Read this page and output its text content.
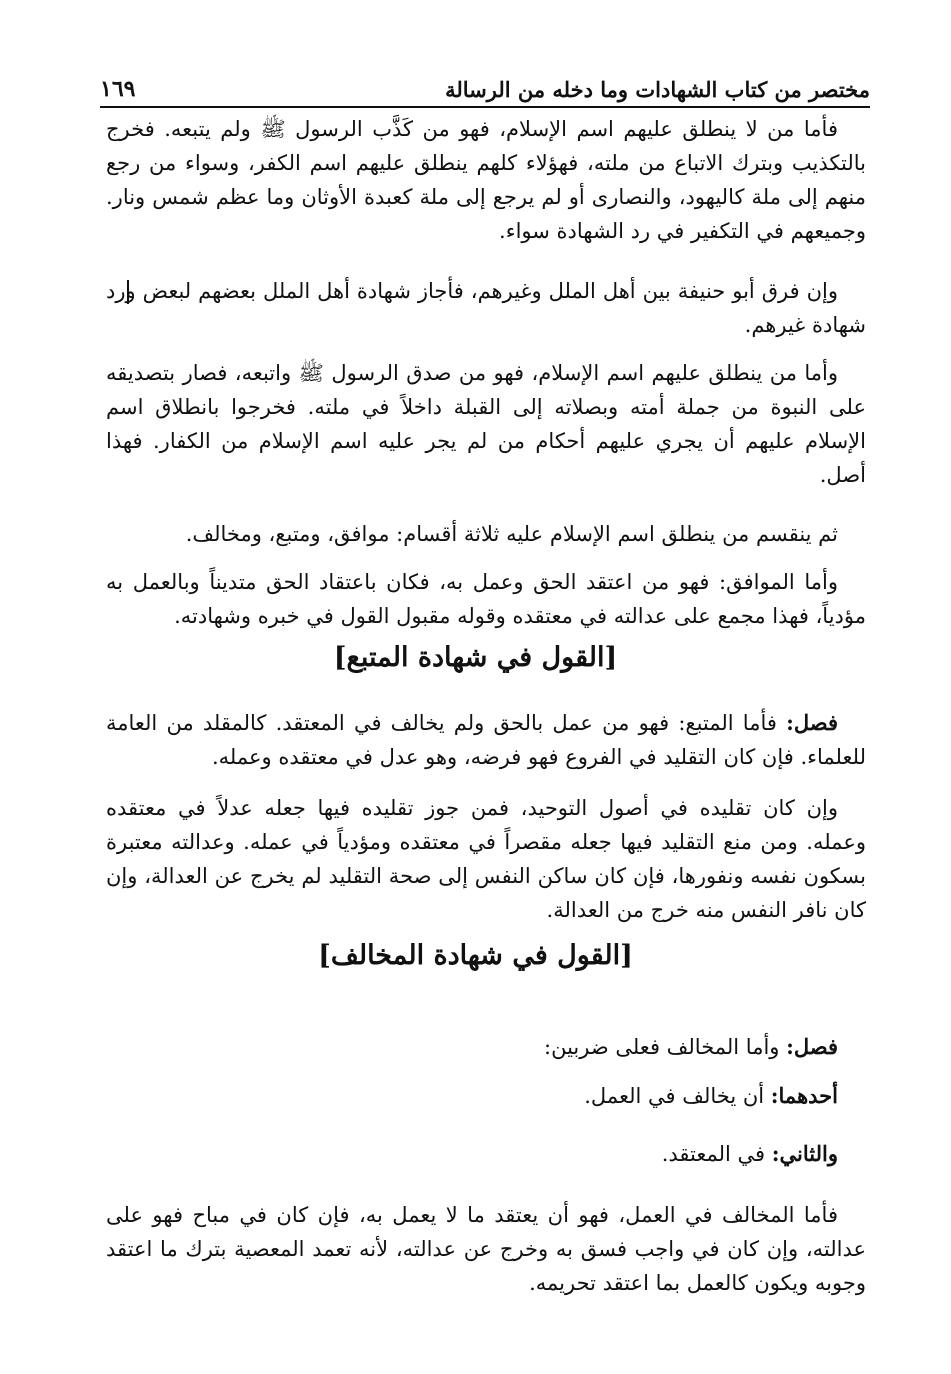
مختصر من كتاب الشهادات وما دخله من الرسالة
١٦٩

فأما من لا ينطلق عليهم اسم الإسلام، فهو من كَذَّب الرسول ﷺ ولم يتبعه. فخرج بالتكذيب وبترك الاتباع من ملته، فهؤلاء كلهم ينطلق عليهم اسم الكفر، وسواء من رجع منهم إلى ملة كاليهود، والنصارى أو لم يرجع إلى ملة كعبدة الأوثان وما عظم شمس ونار. وجميعهم في التكفير في رد الشهادة سواء.

وإن فرق أبو حنيفة بين أهل الملل وغيرهم، فأجاز شهادة أهل الملل بعضهم لبعض ورد شهادة غيرهم.

وأما من ينطلق عليهم اسم الإسلام، فهو من صدق الرسول ﷺ واتبعه، فصار بتصديقه على النبوة من جملة أمته وبصلاته إلى القبلة داخلاً في ملته. فخرجوا بانطلاق اسم الإسلام عليهم أن يجري عليهم أحكام من لم يجر عليه اسم الإسلام من الكفار. فهذا أصل.

ثم ينقسم من ينطلق اسم الإسلام عليه ثلاثة أقسام: موافق، ومتبع، ومخالف.

وأما الموافق: فهو من اعتقد الحق وعمل به، فكان باعتقاد الحق متديناً وبالعمل به مؤدياً، فهذا مجمع على عدالته في معتقده وقوله مقبول القول في خبره وشهادته.

[القول في شهادة المتبع]

فصل: فأما المتبع: فهو من عمل بالحق ولم يخالف في المعتقد. كالمقلد من العامة للعلماء. فإن كان التقليد في الفروع فهو فرضه، وهو عدل في معتقده وعمله.

وإن كان تقليده في أصول التوحيد، فمن جوز تقليده فيها جعله عدلاً في معتقده وعمله. ومن منع التقليد فيها جعله مقصراً في معتقده ومؤدياً في عمله. وعدالته معتبرة بسكون نفسه ونفورها، فإن كان ساكن النفس إلى صحة التقليد لم يخرج عن العدالة، وإن كان نافر النفس منه خرج من العدالة.

[القول في شهادة المخالف]

فصل: وأما المخالف فعلى ضربين:

أحدهما: أن يخالف في العمل.

والثاني: في المعتقد.

فأما المخالف في العمل، فهو أن يعتقد ما لا يعمل به، فإن كان في مباح فهو على عدالته، وإن كان في واجب فسق به وخرج عن عدالته، لأنه تعمد المعصية بترك ما اعتقد وجوبه ويكون كالعمل بما اعتقد تحريمه.
